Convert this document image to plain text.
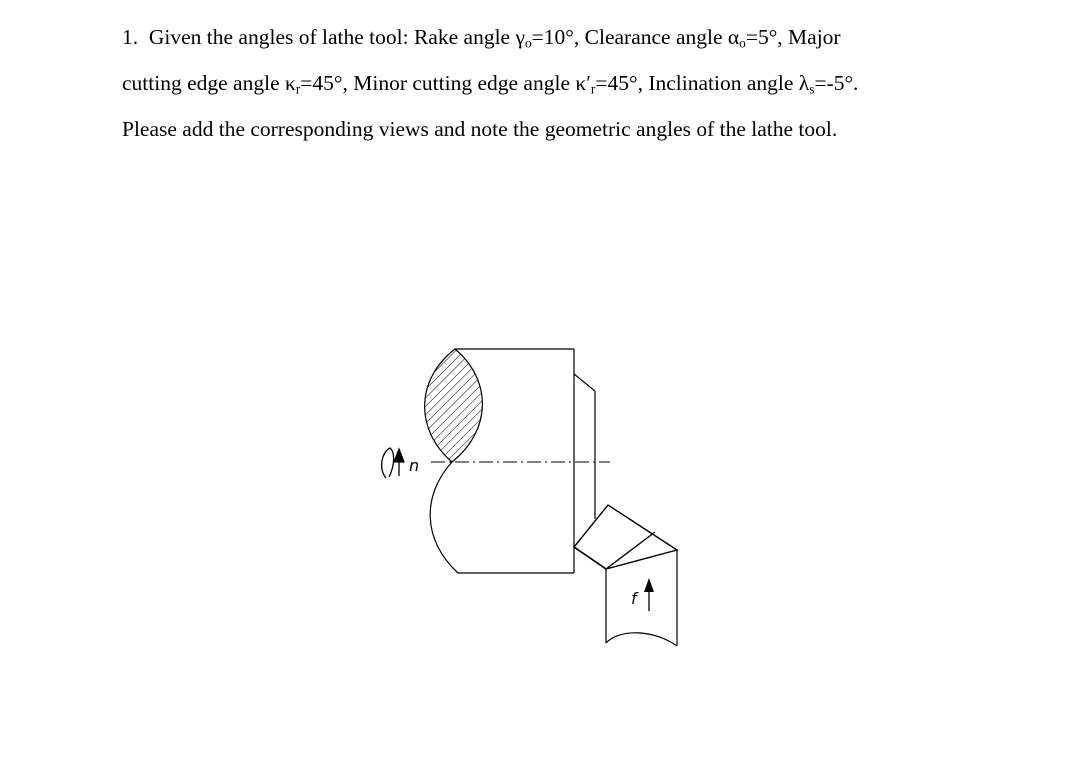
1. Given the angles of lathe tool: Rake angle $\gamma_o=10^\circ$, Clearance angle $\alpha_o=5^\circ$, Major
cutting edge angle $\kappa_r=45^\circ$, Minor cutting edge angle $\kappa'_r=45^\circ$, Inclination angle $\lambda_s=-5^\circ$.
Please add the corresponding views and note the geometric angles of the lathe tool.
n
f
